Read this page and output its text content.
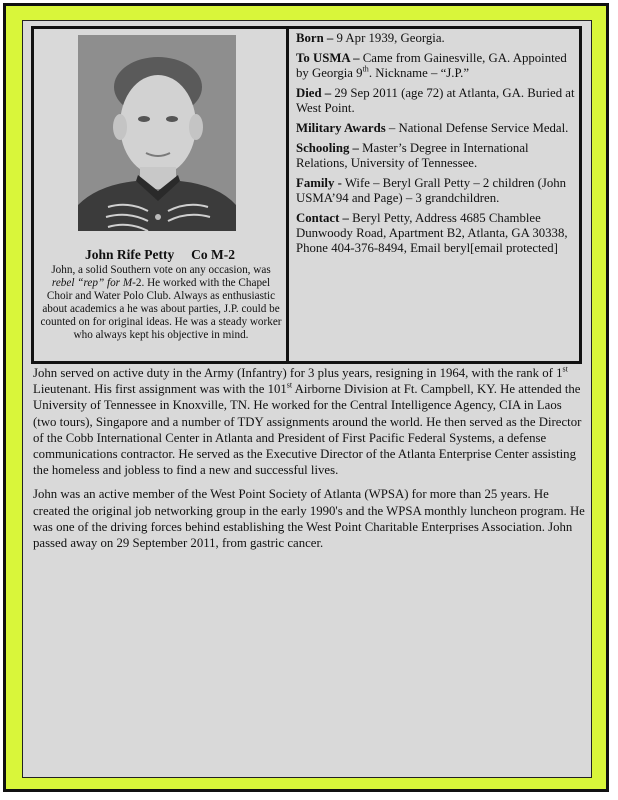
John Rife Petty Co M-2
John, a solid Southern vote on any occasion, was rebel “rep” for M-2. He worked with the Chapel Choir and Water Polo Club. Always as enthusiastic about academics a he was about parties, J.P. could be counted on for original ideas. He was a steady worker who always kept his objective in mind.
Born – 9 Apr 1939, Georgia.
To USMA – Came from Gainesville, GA. Appointed by Georgia 9th. Nickname – “J.P.”
Died – 29 Sep 2011 (age 72) at Atlanta, GA. Buried at West Point.
Military Awards – National Defense Service Medal.
Schooling – Master’s Degree in International Relations, University of Tennessee.
Family - Wife – Beryl Grall Petty – 2 children (John USMA’94 and Page) – 3 grandchildren.
Contact – Beryl Petty, Address 4685 Chamblee Dunwoody Road, Apartment B2, Atlanta, GA 30338, Phone 404-376-8494, Email beryl[email protected]

John served on active duty in the Army (Infantry) for 3 plus years, resigning in 1964, with the rank of 1st Lieutenant. His first assignment was with the 101st Airborne Division at Ft. Campbell, KY. He attended the University of Tennessee in Knoxville, TN. He worked for the Central Intelligence Agency, CIA in Laos (two tours), Singapore and a number of TDY assignments around the world. He then served as the Director of the Cobb International Center in Atlanta and President of First Pacific Federal Systems, a defense communications contractor. He served as the Executive Director of the Atlanta Enterprise Center assisting the homeless and jobless to find a new and successful lives.

John was an active member of the West Point Society of Atlanta (WPSA) for more than 25 years. He created the original job networking group in the early 1990's and the WPSA monthly luncheon program. He was one of the driving forces behind establishing the West Point Charitable Enterprises Association. John passed away on 29 September 2011, from gastric cancer.
